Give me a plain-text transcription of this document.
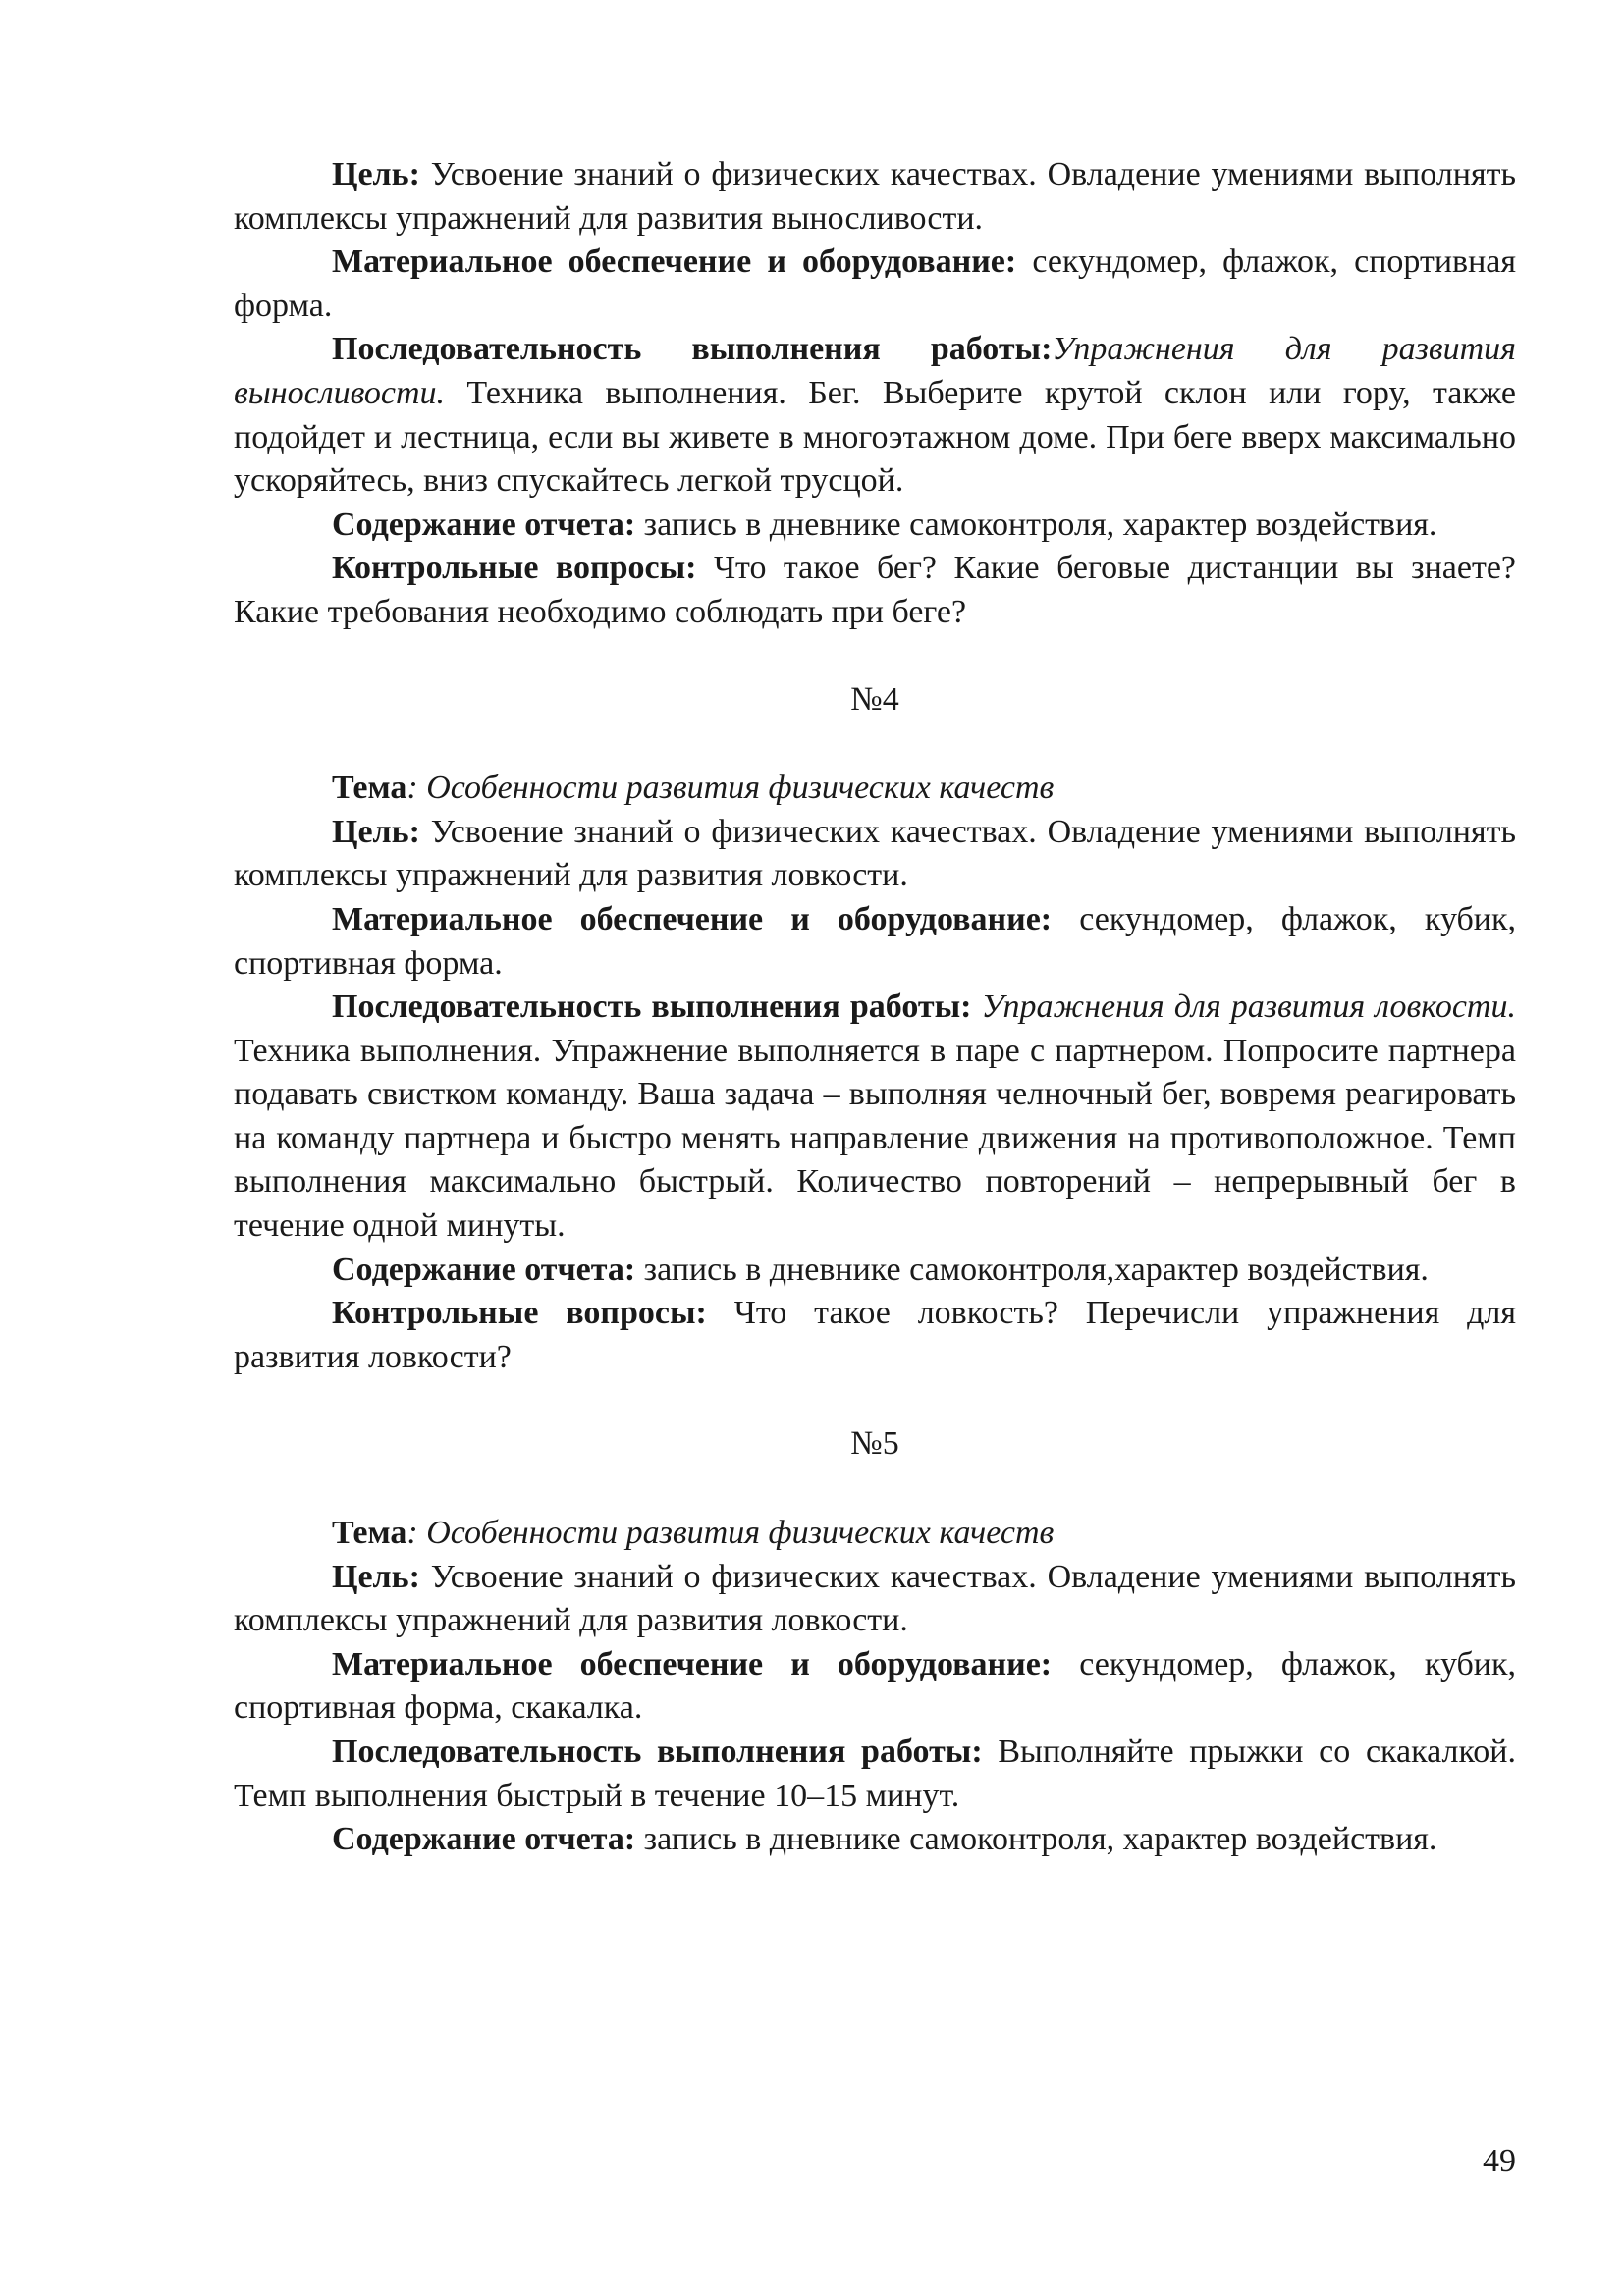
Цель: Усвоение знаний о физических качествах. Овладение умениями выполнять комплексы упражнений для развития выносливости.

Материальное обеспечение и оборудование: секундомер, флажок, спортивная форма.

Последовательность выполнения работы:Упражнения для развития выносливости. Техника выполнения. Бег. Выберите крутой склон или гору, также подойдет и лестница, если вы живете в многоэтажном доме. При беге вверх максимально ускоряйтесь, вниз спускайтесь легкой трусцой.

Содержание отчета: запись в дневнике самоконтроля, характер воздействия.

Контрольные вопросы: Что такое бег? Какие беговые дистанции вы знаете? Какие требования необходимо соблюдать при беге?

№4

Тема: Особенности развития физических качеств

Цель: Усвоение знаний о физических качествах. Овладение умениями выполнять комплексы упражнений для развития ловкости.

Материальное обеспечение и оборудование: секундомер, флажок, кубик, спортивная форма.

Последовательность выполнения работы: Упражнения для развития ловкости. Техника выполнения. Упражнение выполняется в паре с партнером. Попросите партнера подавать свистком команду. Ваша задача – выполняя челночный бег, вовремя реагировать на команду партнера и быстро менять направление движения на противоположное. Темп выполнения максимально быстрый. Количество повторений – непрерывный бег в течение одной минуты.

Содержание отчета: запись в дневнике самоконтроля,характер воздействия.

Контрольные вопросы: Что такое ловкость? Перечисли упражнения для развития ловкости?

№5

Тема: Особенности развития физических качеств

Цель: Усвоение знаний о физических качествах. Овладение умениями выполнять комплексы упражнений для развития ловкости.

Материальное обеспечение и оборудование: секундомер, флажок, кубик, спортивная форма, скакалка.

Последовательность выполнения работы: Выполняйте прыжки со скакалкой. Темп выполнения быстрый в течение 10–15 минут.

Содержание отчета: запись в дневнике самоконтроля, характер воздействия.

49
